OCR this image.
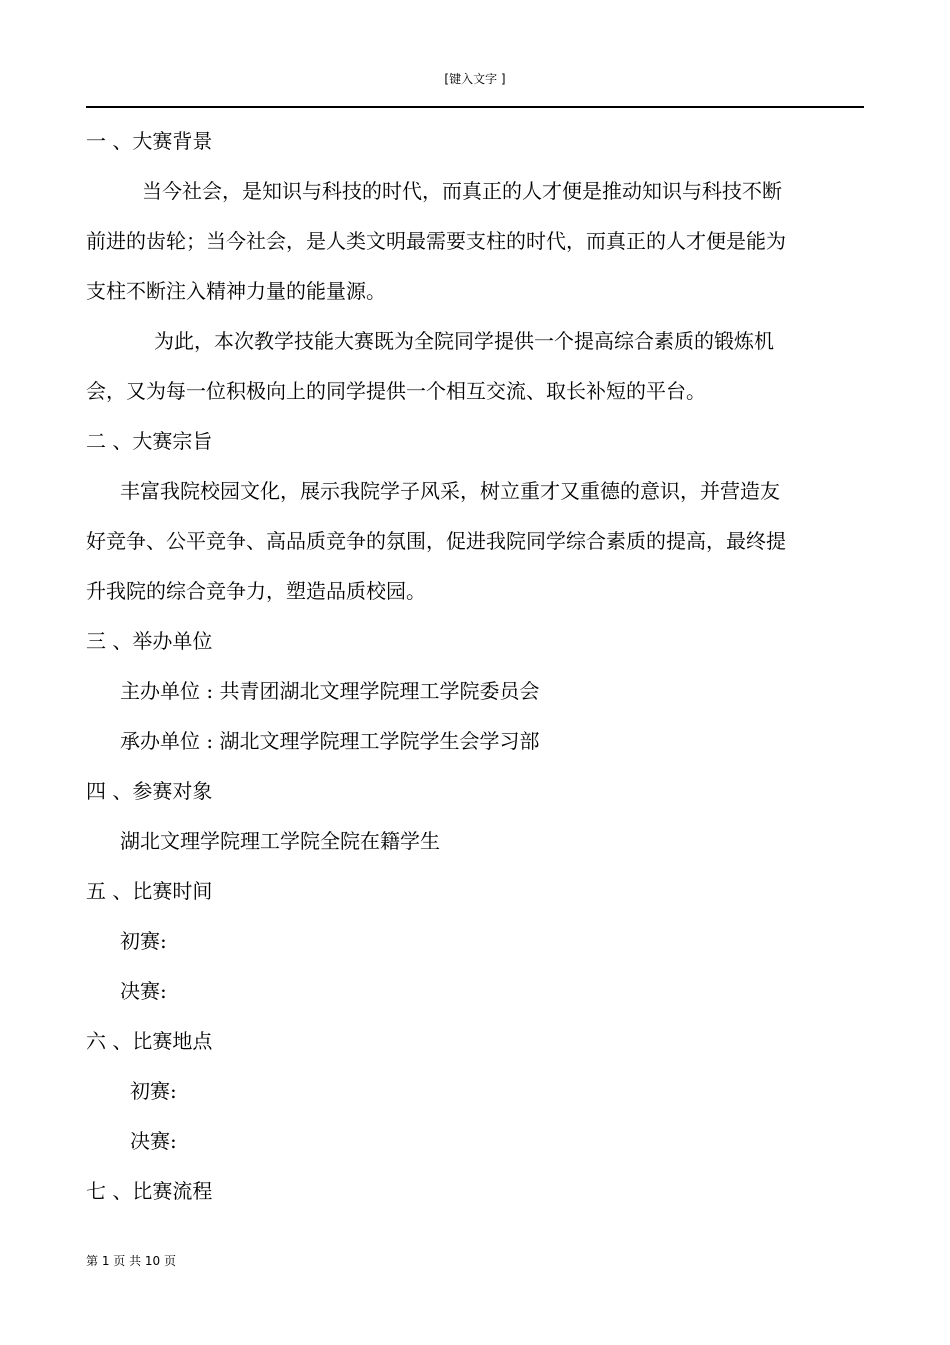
[键入文字 ]
一 、大赛背景
当今社会，是知识与科技的时代，而真正的人才便是推动知识与科技不断
前进的齿轮；当今社会，是人类文明最需要支柱的时代，而真正的人才便是能为
支柱不断注入精神力量的能量源。
为此，本次教学技能大赛既为全院同学提供一个提高综合素质的锻炼机
会，又为每一位积极向上的同学提供一个相互交流、取长补短的平台。
二 、大赛宗旨
丰富我院校园文化，展示我院学子风采，树立重才又重德的意识，并营造友
好竞争、公平竞争、高品质竞争的氛围，促进我院同学综合素质的提高，最终提
升我院的综合竞争力，塑造品质校园。
三 、举办单位
主办单位 : 共青团湖北文理学院理工学院委员会
承办单位 : 湖北文理学院理工学院学生会学习部
四 、参赛对象
湖北文理学院理工学院全院在籍学生
五 、比赛时间
初赛:
决赛:
六 、比赛地点
初赛:
决赛:
七 、比赛流程
第 1 页 共 10 页
